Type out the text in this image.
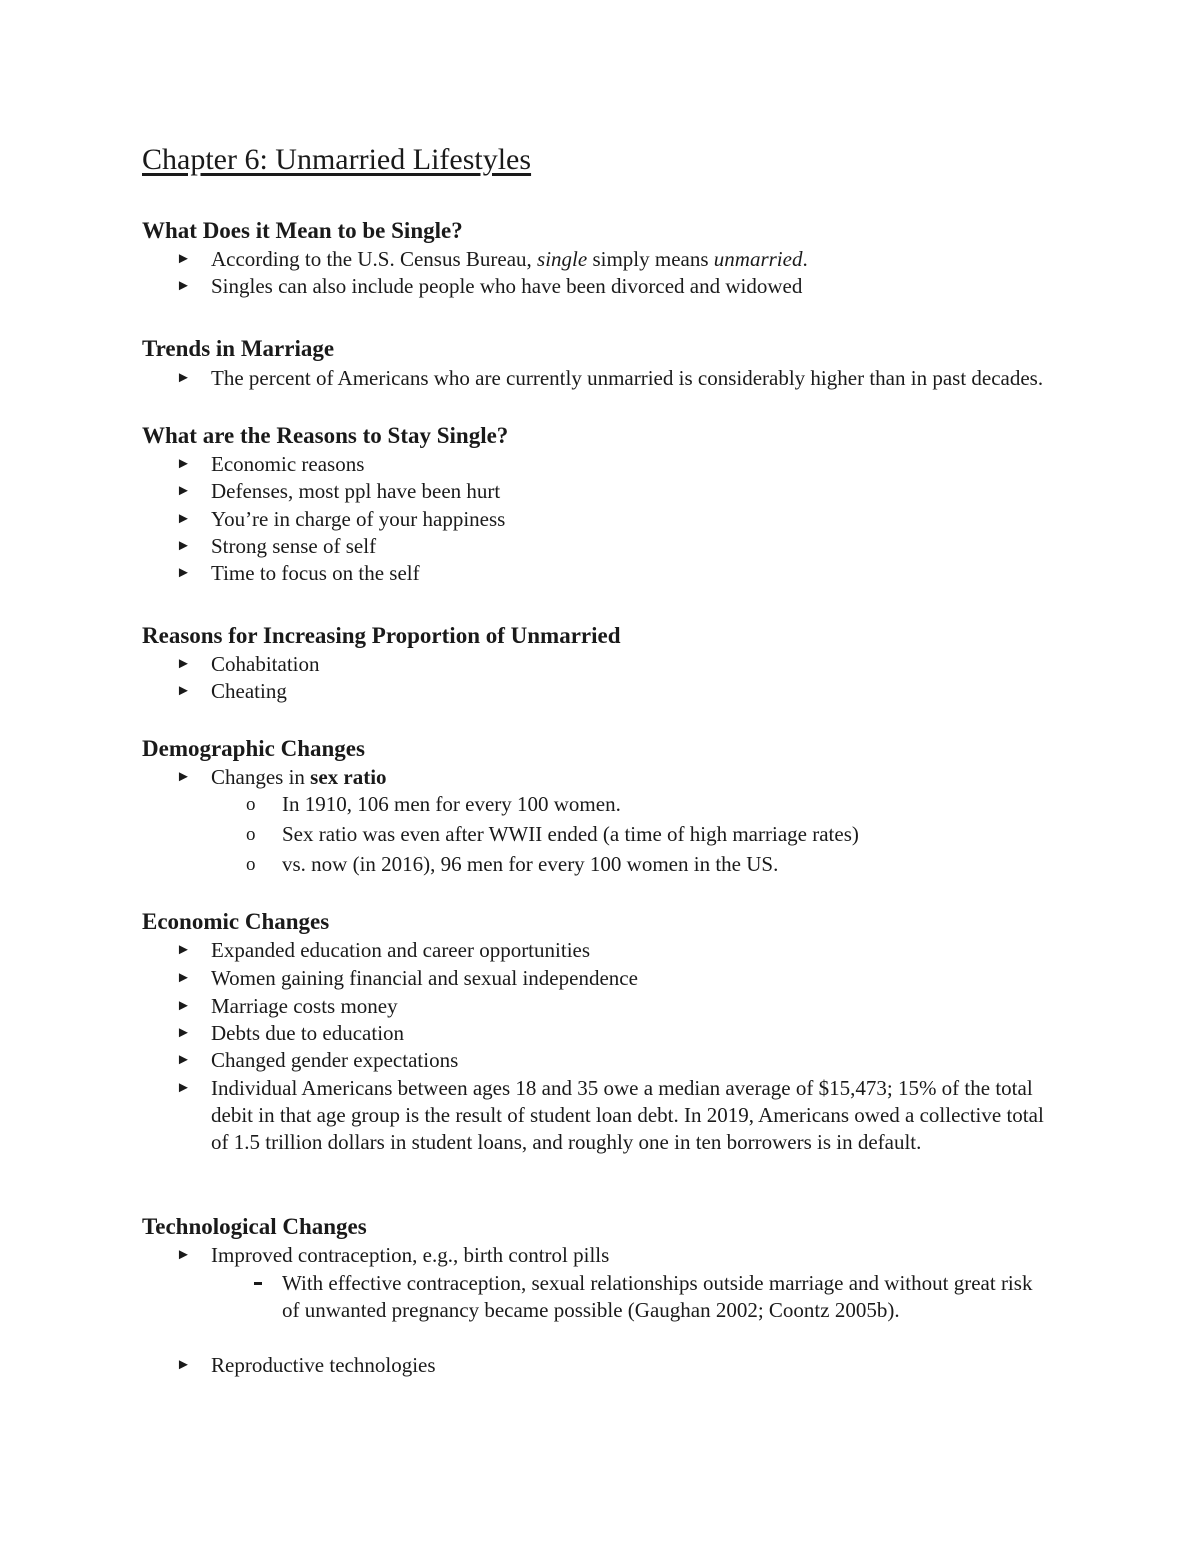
Chapter 6: Unmarried Lifestyles
What Does it Mean to be Single?
► According to the U.S. Census Bureau, single simply means unmarried.
► Singles can also include people who have been divorced and widowed
Trends in Marriage
► The percent of Americans who are currently unmarried is considerably higher than in past decades.
What are the Reasons to Stay Single?
► Economic reasons
► Defenses, most ppl have been hurt
► You’re in charge of your happiness
► Strong sense of self
► Time to focus on the self
Reasons for Increasing Proportion of Unmarried
► Cohabitation
► Cheating
Demographic Changes
► Changes in sex ratio
o	In 1910, 106 men for every 100 women.
o	Sex ratio was even after WWII ended (a time of high marriage rates)
o	vs. now (in 2016), 96 men for every 100 women in the US.
Economic Changes
► Expanded education and career opportunities
► Women gaining financial and sexual independence
► Marriage costs money
► Debts due to education
► Changed gender expectations
► Individual Americans between ages 18 and 35 owe a median average of $15,473; 15% of the total debit in that age group is the result of student loan debt. In 2019, Americans owed a collective total of 1.5 trillion dollars in student loans, and roughly one in ten borrowers is in default.
Technological Changes
► Improved contraception, e.g., birth control pills
With effective contraception, sexual relationships outside marriage and without great risk of unwanted pregnancy became possible (Gaughan 2002; Coontz 2005b).
► Reproductive technologies
